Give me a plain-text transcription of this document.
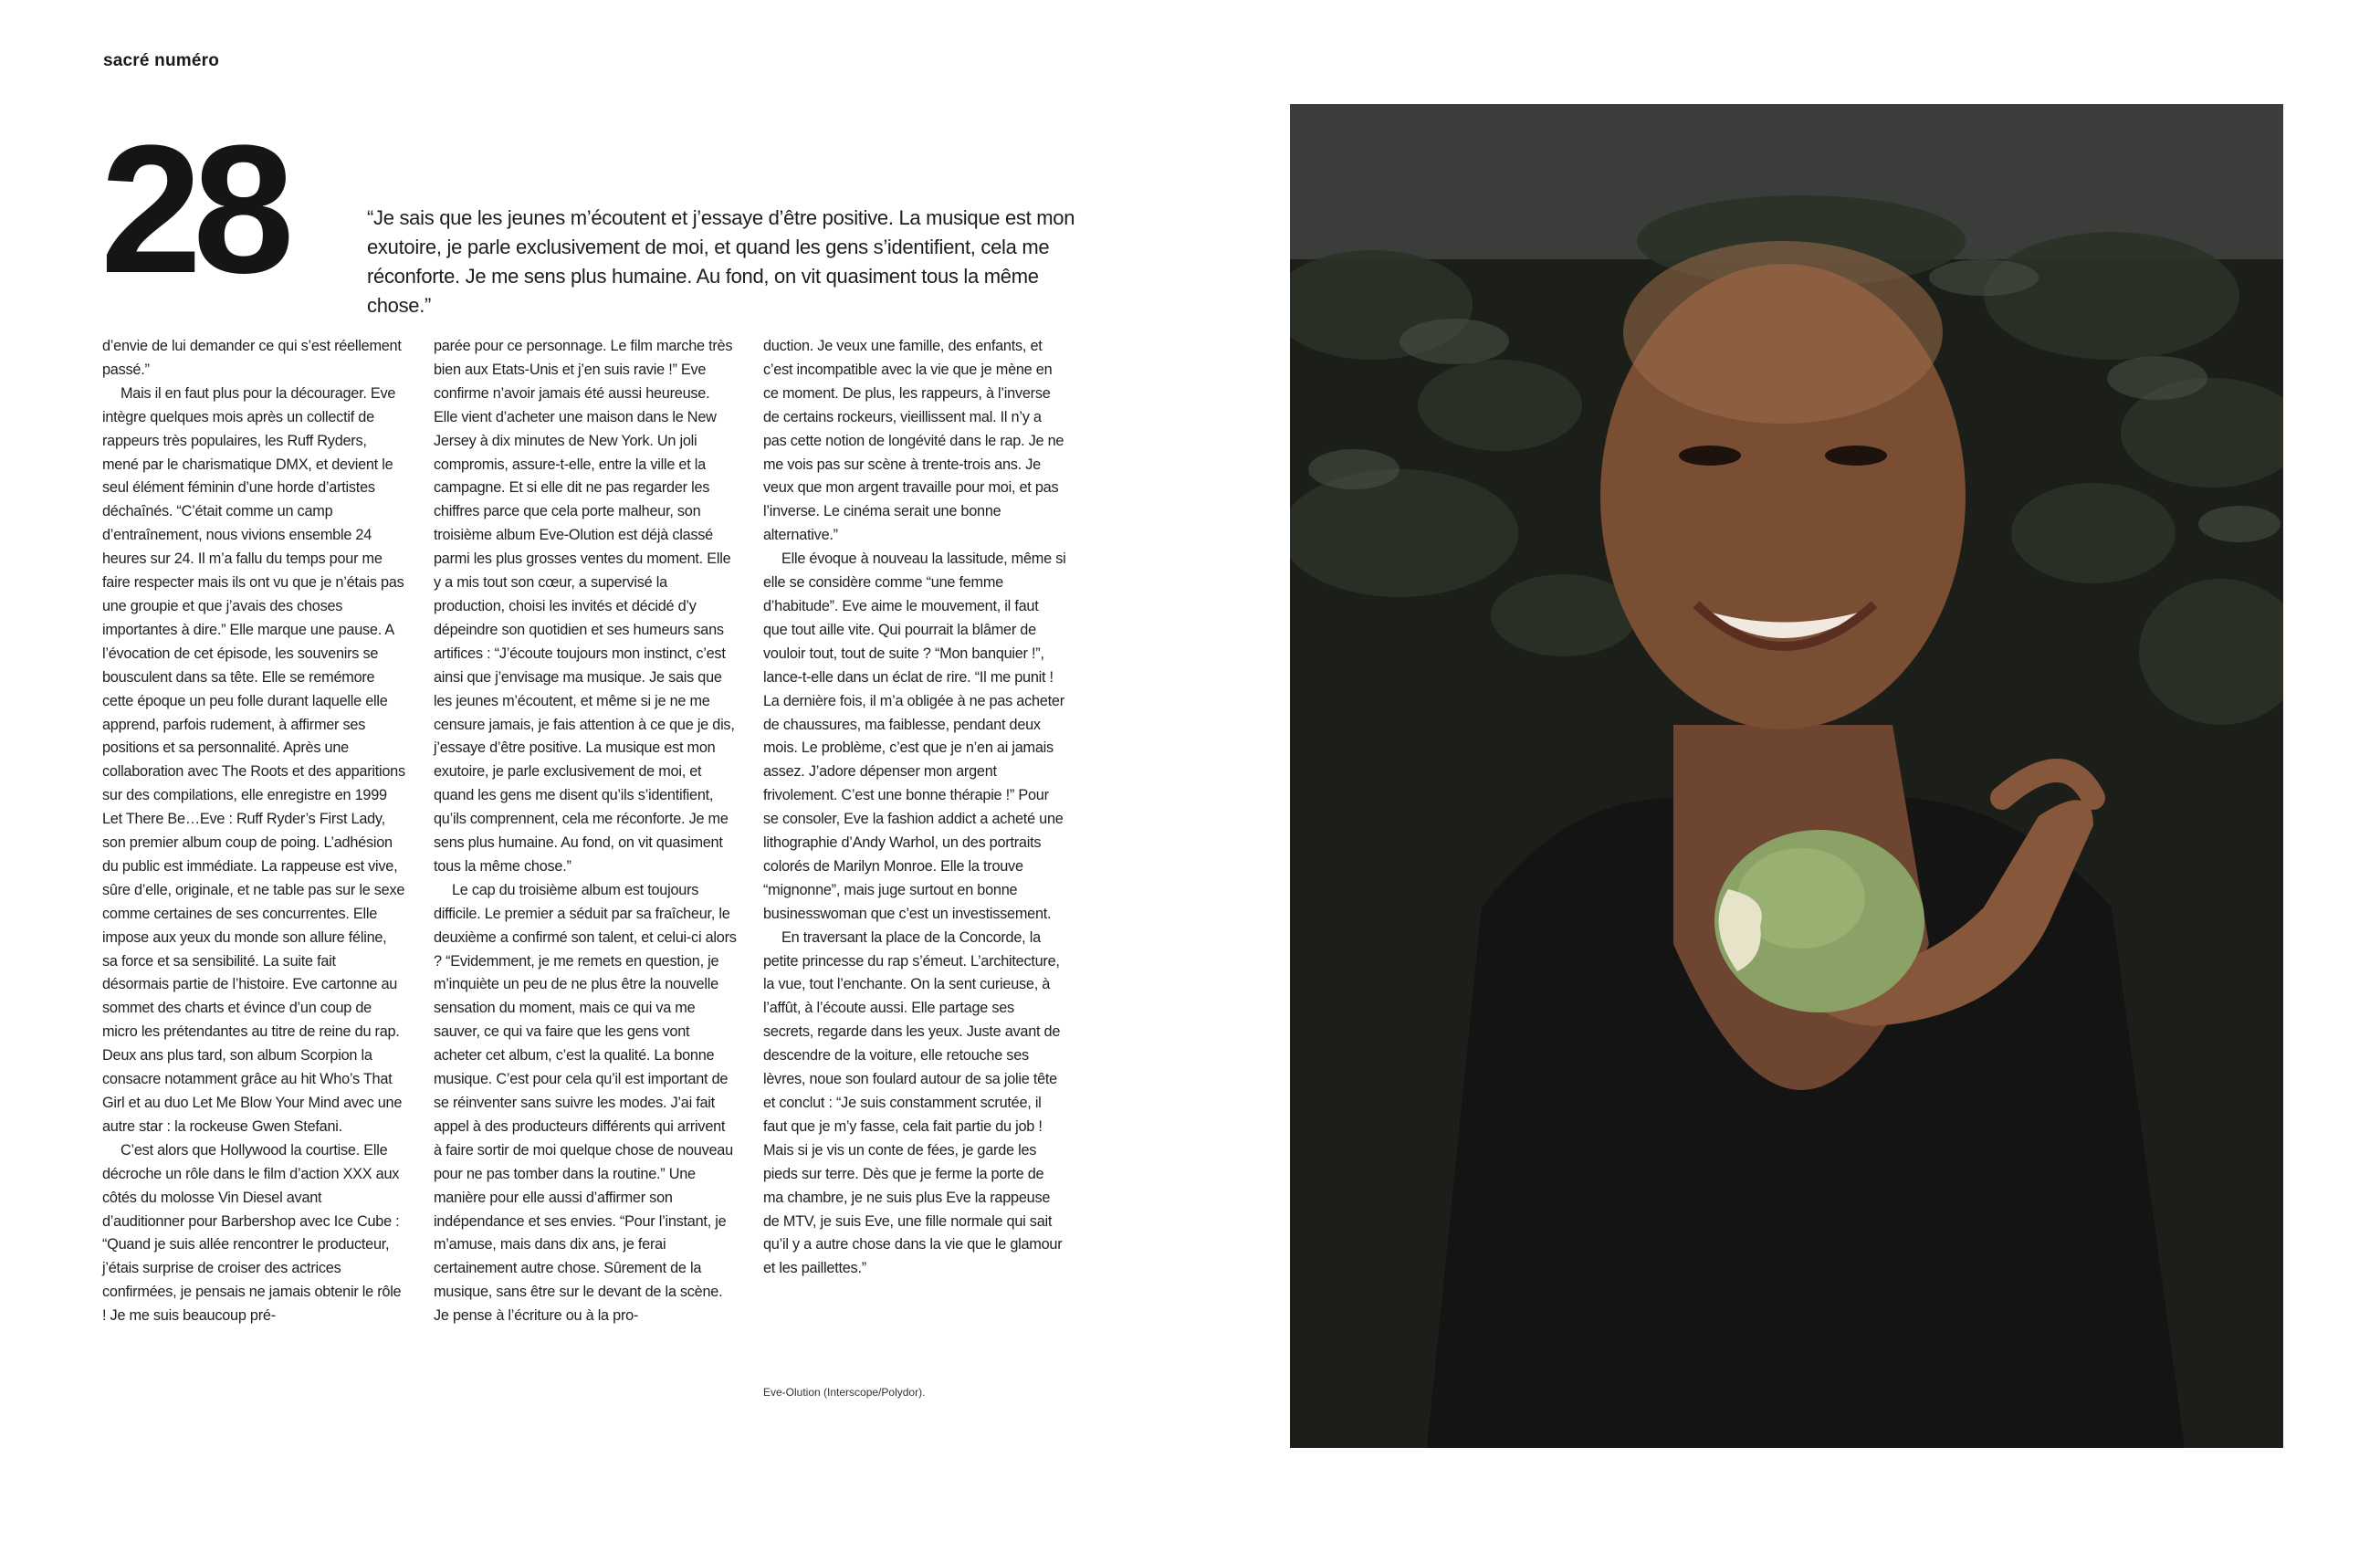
sacré numéro
28	“Je sais que les jeunes m’écoutent et j’essaye d’être positive. La musique est mon exutoire, je parle exclusivement de moi, et quand les gens s’identifient, cela me réconforte. Je me sens plus humaine. Au fond, on vit quasiment tous la même chose.”

d’envie de lui demander ce qui s’est réellement passé.”

Mais il en faut plus pour la décourager. Eve intègre quelques mois après un collectif de rappeurs très populaires, les Ruff Ryders, mené par le charismatique DMX, et devient le seul élément féminin d’une horde d’artistes déchaînés. “C’était comme un camp d’entraînement, nous vivions ensemble 24 heures sur 24. Il m’a fallu du temps pour me faire respecter mais ils ont vu que je n’étais pas une groupie et que j’avais des choses importantes à dire.” Elle marque une pause. A l’évocation de cet épisode, les souvenirs se bousculent dans sa tête. Elle se remémore cette époque un peu folle durant laquelle elle apprend, parfois rudement, à affirmer ses positions et sa personnalité. Après une collaboration avec The Roots et des apparitions sur des compilations, elle enregistre en 1999 Let There Be…Eve : Ruff Ryder’s First Lady, son premier album coup de poing. L’adhésion du public est immédiate. La rappeuse est vive, sûre d’elle, originale, et ne table pas sur le sexe comme certaines de ses concurrentes. Elle impose aux yeux du monde son allure féline, sa force et sa sensibilité. La suite fait désormais partie de l’histoire. Eve cartonne au sommet des charts et évince d’un coup de micro les prétendantes au titre de reine du rap. Deux ans plus tard, son album Scorpion la consacre notamment grâce au hit Who’s That Girl et au duo Let Me Blow Your Mind avec une autre star : la rockeuse Gwen Stefani.

C’est alors que Hollywood la courtise. Elle décroche un rôle dans le film d’action XXX aux côtés du molosse Vin Diesel avant d’auditionner pour Barbershop avec Ice Cube : “Quand je suis allée rencontrer le producteur, j’étais surprise de croiser des actrices confirmées, je pensais ne jamais obtenir le rôle ! Je me suis beaucoup pré-

parée pour ce personnage. Le film marche très bien aux Etats-Unis et j’en suis ravie !” Eve confirme n’avoir jamais été aussi heureuse. Elle vient d’acheter une maison dans le New Jersey à dix minutes de New York. Un joli compromis, assure-t-elle, entre la ville et la campagne. Et si elle dit ne pas regarder les chiffres parce que cela porte malheur, son troisième album Eve-Olution est déjà classé parmi les plus grosses ventes du moment. Elle y a mis tout son cœur, a supervisé la production, choisi les invités et décidé d’y dépeindre son quotidien et ses humeurs sans artifices : “J’écoute toujours mon instinct, c’est ainsi que j’envisage ma musique. Je sais que les jeunes m’écoutent, et même si je ne me censure jamais, je fais attention à ce que je dis, j’essaye d’être positive. La musique est mon exutoire, je parle exclusivement de moi, et quand les gens me disent qu’ils s’identifient, qu’ils comprennent, cela me réconforte. Je me sens plus humaine. Au fond, on vit quasiment tous la même chose.”

Le cap du troisième album est toujours difficile. Le premier a séduit par sa fraîcheur, le deuxième a confirmé son talent, et celui-ci alors ? “Evidemment, je me remets en question, je m’inquiète un peu de ne plus être la nouvelle sensation du moment, mais ce qui va me sauver, ce qui va faire que les gens vont acheter cet album, c’est la qualité. La bonne musique. C’est pour cela qu’il est important de se réinventer sans suivre les modes. J’ai fait appel à des producteurs différents qui arrivent à faire sortir de moi quelque chose de nouveau pour ne pas tomber dans la routine.” Une manière pour elle aussi d’affirmer son indépendance et ses envies. “Pour l’instant, je m’amuse, mais dans dix ans, je ferai certainement autre chose. Sûrement de la musique, sans être sur le devant de la scène. Je pense à l’écriture ou à la pro-

duction. Je veux une famille, des enfants, et c’est incompatible avec la vie que je mène en ce moment. De plus, les rappeurs, à l’inverse de certains rockeurs, vieillissent mal. Il n’y a pas cette notion de longévité dans le rap. Je ne me vois pas sur scène à trente-trois ans. Je veux que mon argent travaille pour moi, et pas l’inverse. Le cinéma serait une bonne alternative.”

Elle évoque à nouveau la lassitude, même si elle se considère comme “une femme d’habitude”. Eve aime le mouvement, il faut que tout aille vite. Qui pourrait la blâmer de vouloir tout, tout de suite ? “Mon banquier !”, lance-t-elle dans un éclat de rire. “Il me punit ! La dernière fois, il m’a obligée à ne pas acheter de chaussures, ma faiblesse, pendant deux mois. Le problème, c’est que je n’en ai jamais assez. J’adore dépenser mon argent frivolement. C’est une bonne thérapie !” Pour se consoler, Eve la fashion addict a acheté une lithographie d’Andy Warhol, un des portraits colorés de Marilyn Monroe. Elle la trouve “mignonne”, mais juge surtout en bonne businesswoman que c’est un investissement.

En traversant la place de la Concorde, la petite princesse du rap s’émeut. L’architecture, la vue, tout l’enchante. On la sent curieuse, à l’affût, à l’écoute aussi. Elle partage ses secrets, regarde dans les yeux. Juste avant de descendre de la voiture, elle retouche ses lèvres, noue son foulard autour de sa jolie tête et conclut : “Je suis constamment scrutée, il faut que je m’y fasse, cela fait partie du job ! Mais si je vis un conte de fées, je garde les pieds sur terre. Dès que je ferme la porte de ma chambre, je ne suis plus Eve la rappeuse de MTV, je suis Eve, une fille normale qui sait qu’il y a autre chose dans la vie que le glamour et les paillettes.”

Eve-Olution (Interscope/Polydor).
